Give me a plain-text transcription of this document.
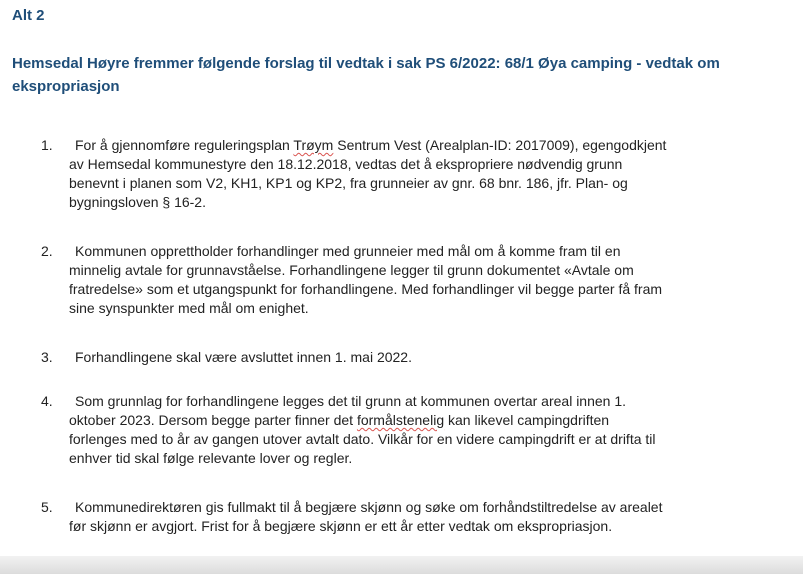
Alt 2
Hemsedal Høyre fremmer følgende forslag til vedtak i sak PS 6/2022: 68/1 Øya camping - vedtak om ekspropriasjon
1.	For å gjennomføre reguleringsplan Trøym Sentrum Vest (Arealplan-ID: 2017009), egengodkjent
av Hemsedal kommunestyre den 18.12.2018, vedtas det å ekspropriere nødvendig grunn
benevnt i planen som V2, KH1, KP1 og KP2, fra grunneier av gnr. 68 bnr. 186, jfr. Plan- og
bygningsloven § 16-2.

2.	Kommunen opprettholder forhandlinger med grunneier med mål om å komme fram til en
minnelig avtale for grunnavståelse. Forhandlingene legger til grunn dokumentet «Avtale om
fratredelse» som et utgangspunkt for forhandlingene. Med forhandlinger vil begge parter få fram
sine synspunkter med mål om enighet.

3.	Forhandlingene skal være avsluttet innen 1. mai 2022.

4.	Som grunnlag for forhandlingene legges det til grunn at kommunen overtar areal innen 1.
oktober 2023. Dersom begge parter finner det formålstenelig kan likevel campingdriften
forlenges med to år av gangen utover avtalt dato. Vilkår for en videre campingdrift er at drifta til
enhver tid skal følge relevante lover og regler.

5.	Kommunedirektøren gis fullmakt til å begjære skjønn og søke om forhåndstiltredelse av arealet
før skjønn er avgjort. Frist for å begjære skjønn er ett år etter vedtak om ekspropriasjon.
